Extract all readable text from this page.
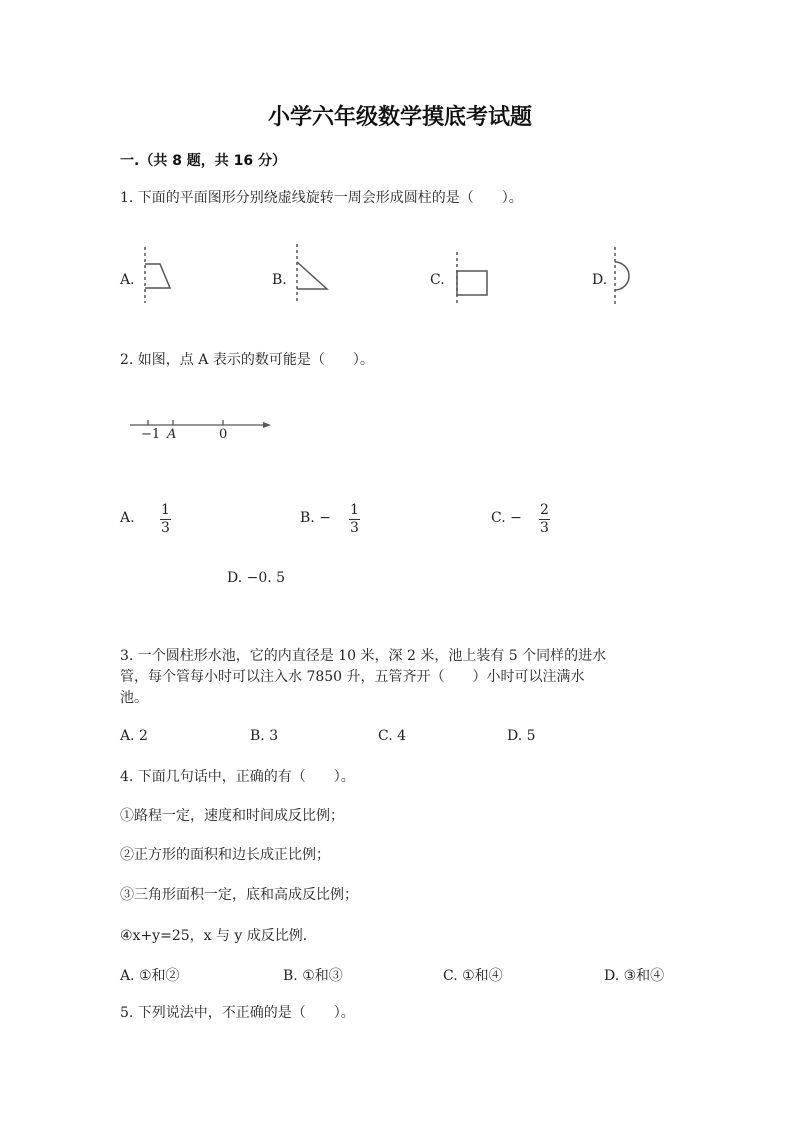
小学六年级数学摸底考试题
一.（共 8 题，共 16 分）
1. 下面的平面图形分别绕虚线旋转一周会形成圆柱的是（　　）。
A.	B.	C.	D.
2. 如图，点 A 表示的数可能是（　　）。
−1 A	0
A. 1
3
B. − 1
3
C. − 2
3
D. −0. 5
3. 一个圆柱形水池，它的内直径是 10 米，深 2 米，池上装有 5 个同样的进水
管，每个管每小时可以注入水 7850 升，五管齐开（　　）小时可以注满水
池。
A. 2	B. 3	C. 4	D. 5
4. 下面几句话中，正确的有（　　）。
①路程一定，速度和时间成反比例；
②正方形的面积和边长成正比例；
③三角形面积一定，底和高成反比例；
④x+y=25，x 与 y 成反比例．
A. ①和②	B. ①和③	C. ①和④	D. ③和④
5. 下列说法中，不正确的是（　　）。
